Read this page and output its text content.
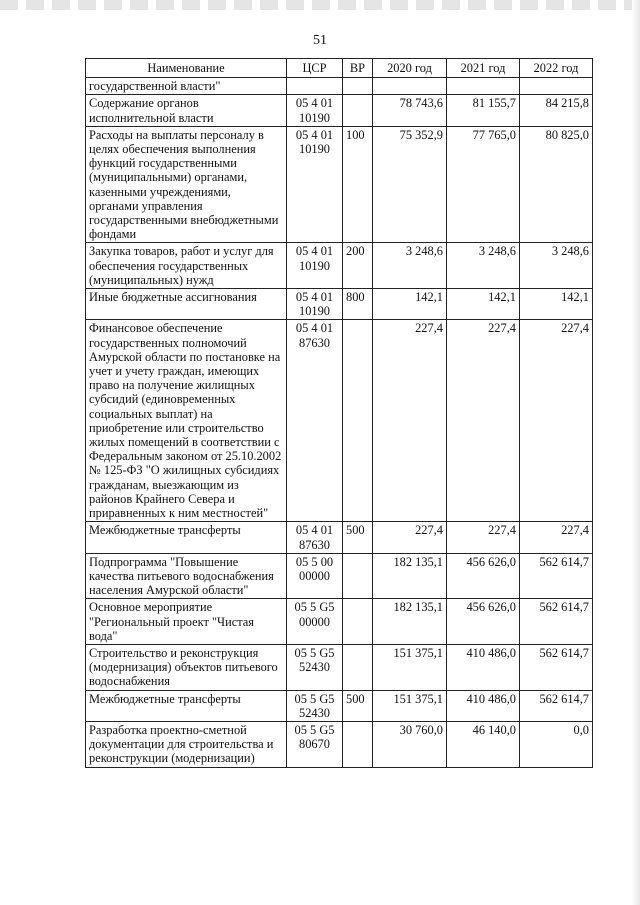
51
Наименование	ЦСР	ВР	2020 год	2021 год	2022 год
государственной власти"					
Содержание органов исполнительной власти	05 4 01 10190		78 743,6	81 155,7	84 215,8
Расходы на выплаты персоналу в целях обеспечения выполнения функций государственными (муниципальными) органами, казенными учреждениями, органами управления государственными внебюджетными фондами	05 4 01 10190	100	75 352,9	77 765,0	80 825,0
Закупка товаров, работ и услуг для обеспечения государственных (муниципальных) нужд	05 4 01 10190	200	3 248,6	3 248,6	3 248,6
Иные бюджетные ассигнования	05 4 01 10190	800	142,1	142,1	142,1
Финансовое обеспечение государственных полномочий Амурской области по постановке на учет и учету граждан, имеющих право на получение жилищных субсидий (единовременных социальных выплат) на приобретение или строительство жилых помещений в соответствии с Федеральным законом от 25.10.2002 № 125-ФЗ "О жилищных субсидиях гражданам, выезжающим из районов Крайнего Севера и приравненных к ним местностей"	05 4 01 87630		227,4	227,4	227,4
Межбюджетные трансферты	05 4 01 87630	500	227,4	227,4	227,4
Подпрограмма "Повышение качества питьевого водоснабжения населения Амурской области"	05 5 00 00000		182 135,1	456 626,0	562 614,7
Основное мероприятие "Региональный проект "Чистая вода"	05 5 G5 00000		182 135,1	456 626,0	562 614,7
Строительство и реконструкция (модернизация) объектов питьевого водоснабжения	05 5 G5 52430		151 375,1	410 486,0	562 614,7
Межбюджетные трансферты	05 5 G5 52430	500	151 375,1	410 486,0	562 614,7
Разработка проектно-сметной документации для строительства и реконструкции (модернизации)	05 5 G5 80670		30 760,0	46 140,0	0,0
